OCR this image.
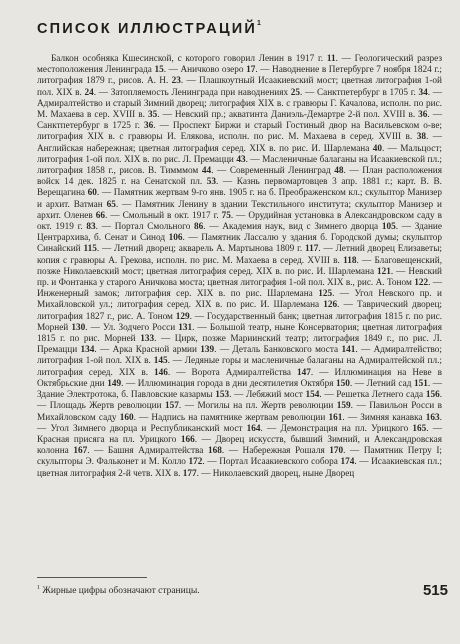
СПИСОК ИЛЛЮСТРАЦИЙ$^1$

Балкон особняка Кшесинской, с которого говорил Ленин в 1917 г. 11. — Геологический разрез местоположения Ленинграда 15. — Аничково озеро 17. — Наводнение в Петербурге 7 ноября 1824 г.; литография 1879 г., рисов. А. Н. 23. — Плашкоутный Исаакиевский мост; цветная литография 1-ой пол. XIX в. 24. — Затопляемость Ленинграда при наводнениях 25. — Санктпетербург в 1705 г. 34. — Адмиралтейство и старый Зимний дворец; литография XIX в. с гравюры Г. Качалова, исполн. по рис. М. Махаева в сер. XVIII в. 35. — Невский пр.; акватинта Даниэль-Демартре 2-й пол. XVIII в. 36. — Санктпетербург в 1725 г. 36. — Проспект Биржи и старый Гостиный двор на Васильевском о-ве; литография XIX в. с гравюры И. Елякова, исполн. по рис. М. Махаева в серед. XVIII в. 38. — Английская набережная; цветная литография серед. XIX в. по рис. И. Шарлемана 40. — Мальцост; литография 1-ой пол. XIX в. по рис. Л. Премацци 43. — Масленичные балаганы на Исаакиевской пл.; литография 1858 г., рисов. В. Тимммом 44. — Современный Ленинград 48. — План расположения войск 14 дек. 1825 г. на Сенатской пл. 53. — Казнь первомартовцев 3 апр. 1881 г.; карт. В. В. Верещагина 60. — Памятник жертвам 9-го янв. 1905 г. на б. Преображенском кл.; скульптор Манизер и архит. Ватман 65. — Памятник Ленину в здании Текстильного института; скульптор Манизер и архит. Оленев 66. — Смольный в окт. 1917 г. 75. — Орудийная установка в Александровском саду в окт. 1919 г. 83. — Портал Смольного 86. — Академия наук, вид с Зимнего дворца 105. — Здание Центрархива, б. Сенат и Синод 106. — Памятник Лассалю у здания б. Городской думы; скульптор Синайский 115. — Летний дворец; акварель А. Мартынова 1809 г. 117. — Летний дворец Елизаветы; копия с гравюры А. Грекова, исполн. по рис. М. Махаева в серед. XVIII в. 118. — Благовещенский, позже Николаевский мост; цветная литография серед. XIX в. по рис. И. Шарлемана 121. — Невский пр. и Фонтанка у старого Аничкова моста; цветная литография 1-ой пол. XIX в., рис. А. Тоном 122. — Инженерный замок; литография сер. XIX в. по рис. Шарлемана 125. — Угол Невского пр. и Михайловской ул.; литография серед. XIX в. по рис. И. Шарлемана 126. — Таврический дворец; литография 1827 г., рис. А. Тоном 129. — Государственный банк; цветная литография 1815 г. по рис. Морней 130. — Ул. Зодчего Росси 131. — Большой театр, ныне Консерватория; цветная литография 1815 г. по рис. Морней 133. — Цирк, позже Мариинский театр; литография 1849 г., по рис. Л. Премацци 134. — Арка Красной армии 139. — Деталь Банковского моста 141. — Адмиралтейство; литография 1-ой пол. XIX в. 145. — Ледяные горы и масленичные балаганы на Адмиралтейской пл.; литография серед. XIX в. 146. — Ворота Адмиралтейства 147. — Иллюминация на Неве в Октябрьские дни 149. — Иллюминация города в дни десятилетия Октября 150. — Летний сад 151. — Здание Электротока, б. Павловские казармы 153. — Лебяжий мост 154. — Решетка Летнего сада 156. — Площадь Жертв революции 157. — Могилы на пл. Жертв революции 159. — Павильон Росси в Михайловском саду 160. — Надпись на памятнике жертвам революции 161. — Зимняя канавка 163. — Угол Зимнего дворца и Республиканский мост 164. — Демонстрация на пл. Урицкого 165. — Красная присяга на пл. Урицкого 166. — Дворец искусств, бывший Зимний, и Александровская колонна 167. — Башня Адмиралтейства 168. — Набережная Рошаля 170. — Памятник Петру I; скульпторы Э. Фальконет и М. Колло 172. — Портал Исаакиевского собора 174. — Исаакиевская пл.; цветная литография 2-й четв. XIX в. 177. — Николаевский дворец, ныне Дворец

$^1$ Жирные цифры обозначают страницы.	515
